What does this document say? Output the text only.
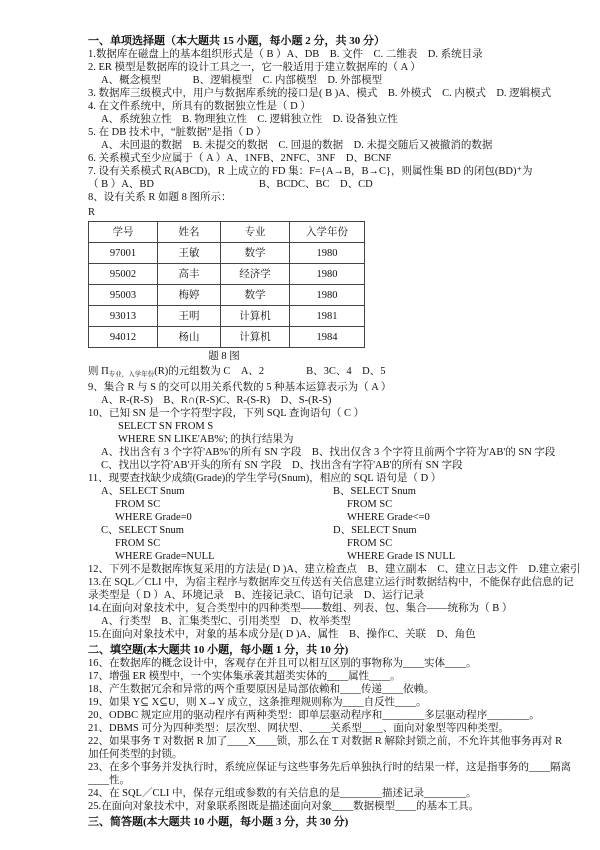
一、单项选择题（本大题共 15 小题，每小题 2 分，共 30 分）
1.数据库在磁盘上的基本组织形式是（ B ）A、DB　B. 文件　C. 二维表　D. 系统目录
2. ER 模型是数据库的设计工具之一，它一般适用于建立数据库的（ A ）
A、概念模型　　　B、逻辑模型　C. 内部模型　D. 外部模型
3. 数据库三级模式中，用户与数据库系统的接口是( B )A、模式　B. 外模式　C. 内模式　D. 逻辑模式
4. 在文件系统中，所具有的数据独立性是（ D ）
A、系统独立性　B. 物理独立性　C. 逻辑独立性　D. 设备独立性
5. 在 DB 技术中，“脏数据”是指（ D ）
A、未回退的数据　B. 未提交的数据　C. 回退的数据　D. 未提交随后又被撤消的数据
6. 关系模式至少应属于（ A ）A、1NFB、2NFC、3NF　D、BCNF
7. 设有关系模式 R(ABCD)，R 上成立的 FD 集：F={A→B，B→C}，则属性集 BD 的闭包(BD)⁺为
（ B ）A、BD　　　　　　　　　　B、BCDC、BC　D、CD
8、设有关系 R 如题 8 图所示：
R
学号	姓名	专业	入学年份
97001	王敏	数学	1980
95002	高丰	经济学	1980
95003	梅婷	数学	1980
93013	王明	计算机	1981
94012	杨山	计算机	1984
题 8 图
则 $\Pi_{专业,入学年份}(R)$的元组数为 C　A、2　　　　B、3C、4　D、5
9、集合 R 与 S 的交可以用关系代数的 5 种基本运算表示为（ A ）
A、R-(R-S)　B、R∩(R-S)C、R-(S-R)　D、S-(R-S)
10、已知 SN 是一个字符型字段，下列 SQL 查询语句（ C ）
SELECT SN FROM S
WHERE SN LIKE'AB%'; 的执行结果为
A、找出含有 3 个字符'AB%'的所有 SN 字段　B、找出仅含 3 个字符且前两个字符为'AB'的 SN 字段
C、找出以字符'AB'开头的所有 SN 字段　D、找出含有字符'AB'的所有 SN 字段
11、现要查找缺少成绩(Grade)的学生学号(Snum)，相应的 SQL 语句是（ D ）
A、SELECT Snum
FROM SC
WHERE Grade=0
B、SELECT Snum
FROM SC
WHERE Grade<=0
C、SELECT Snum
FROM SC
WHERE Grade=NULL
D、SELECT Snum
FROM SC
WHERE Grade IS NULL
12、下列不是数据库恢复采用的方法是( D )A、建立检查点　B、建立副本　C、建立日志文件　D.建立索引
13.在 SQL／CLI 中，为宿主程序与数据库交互传送有关信息建立运行时数据结构中，不能保存此信息的记
录类型是（ D ）A、环境记录　B、连接记录C、语句记录　D、运行记录
14.在面向对象技术中，复合类型中的四种类型——数组、列表、包、集合——统称为（ B ）
A、行类型　B、汇集类型C、引用类型　D、枚举类型
15.在面向对象技术中，对象的基本成分是( D )A、属性　B、操作C、关联　D、角色
二、填空题(本大题共 10 小题，每小题 1 分，共 10 分)
16、在数据库的概念设计中，客观存在并且可以相互区别的事物称为____实体____。
17、增强 ER 模型中，一个实体集承袭其超类实体的____属性____。
18、产生数据冗余和异常的两个重要原因是局部依赖和____传递____依赖。
19、如果 Y⊆ X⊆U，则 X→Y 成立，这条推理规则称为____自反性____。
20、ODBC 规定应用的驱动程序有两种类型：即单层驱动程序和________多层驱动程序________。
21、DBMS 可分为四种类型：层次型、网状型、____关系型____、面向对象型等四种类型。
22、如果事务 T 对数据 R 加了____X____锁，那么在 T 对数据 R 解除封锁之前，不允许其他事务再对 R
加任何类型的封锁。
23、在多个事务并发执行时，系统应保证与这些事务先后单独执行时的结果一样，这是指事务的____隔离
____性。
24、在 SQL／CLI 中，保存元组或参数的有关信息的是________描述记录________。
25.在面向对象技术中，对象联系图既是描述面向对象____数据模型____的基本工具。
三、简答题(本大题共 10 小题，每小题 3 分，共 30 分)
